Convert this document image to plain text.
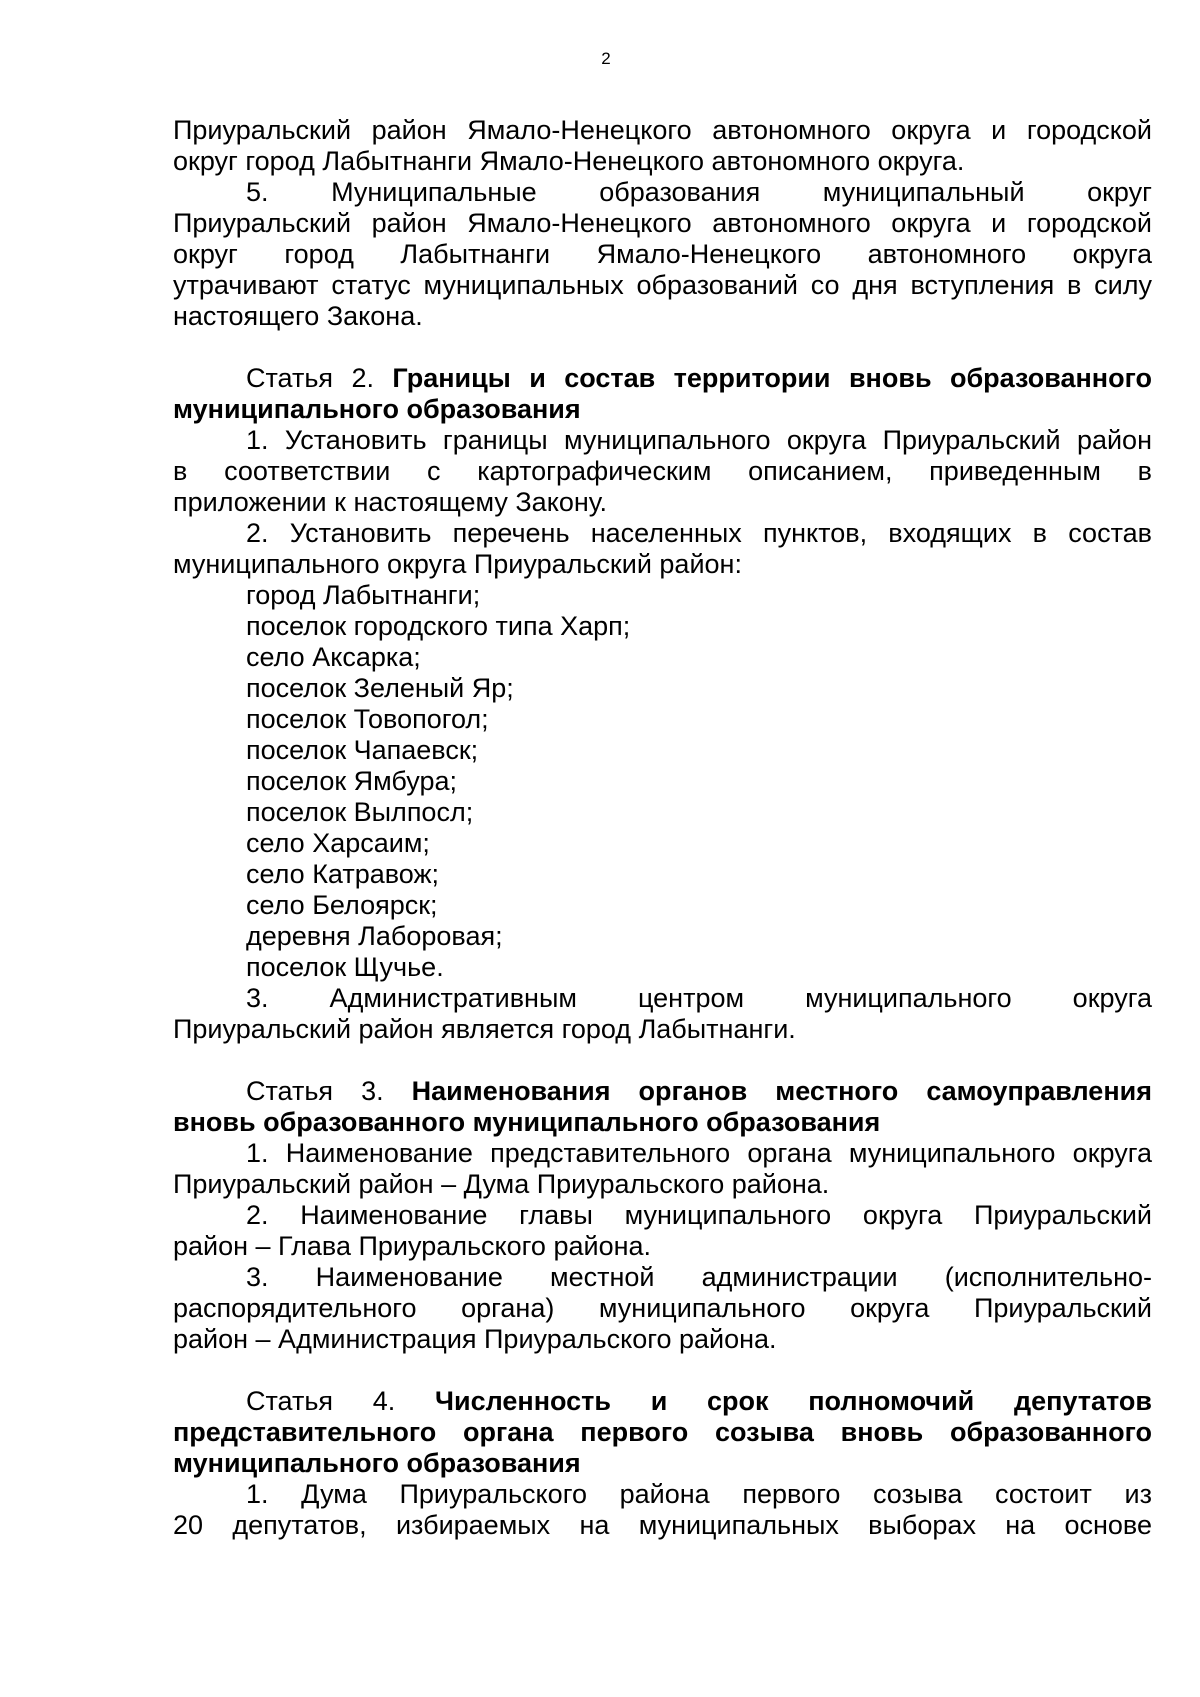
2

Приуральский район Ямало-Ненецкого автономного округа и городской

округ город Лабытнанги Ямало-Ненецкого автономного округа.

5. Муниципальные образования муниципальный округ

Приуральский район Ямало-Ненецкого автономного округа и городской

округ город Лабытнанги Ямало-Ненецкого автономного округа

утрачивают статус муниципальных образований со дня вступления в силу

настоящего Закона.

Статья 2. Границы и состав территории вновь образованного

муниципального образования

1. Установить границы муниципального округа Приуральский район

в соответствии с картографическим описанием, приведенным в

приложении к настоящему Закону.

2. Установить перечень населенных пунктов, входящих в состав

муниципального округа Приуральский район:

город Лабытнанги;

поселок городского типа Харп;

село Аксарка;

поселок Зеленый Яр;

поселок Товопогол;

поселок Чапаевск;

поселок Ямбура;

поселок Вылпосл;

село Харсаим;

село Катравож;

село Белоярск;

деревня Лаборовая;

поселок Щучье.

3. Административным центром муниципального округа

Приуральский район является город Лабытнанги.

Статья 3. Наименования органов местного самоуправления

вновь образованного муниципального образования

1. Наименование представительного органа муниципального округа

Приуральский район – Дума Приуральского района.

2. Наименование главы муниципального округа Приуральский

район – Глава Приуральского района.

3. Наименование местной администрации (исполнительно-

распорядительного органа) муниципального округа Приуральский

район – Администрация Приуральского района.

Статья 4. Численность и срок полномочий депутатов

представительного органа первого созыва вновь образованного

муниципального образования

1. Дума Приуральского района первого созыва состоит из

20 депутатов, избираемых на муниципальных выборах на основе
